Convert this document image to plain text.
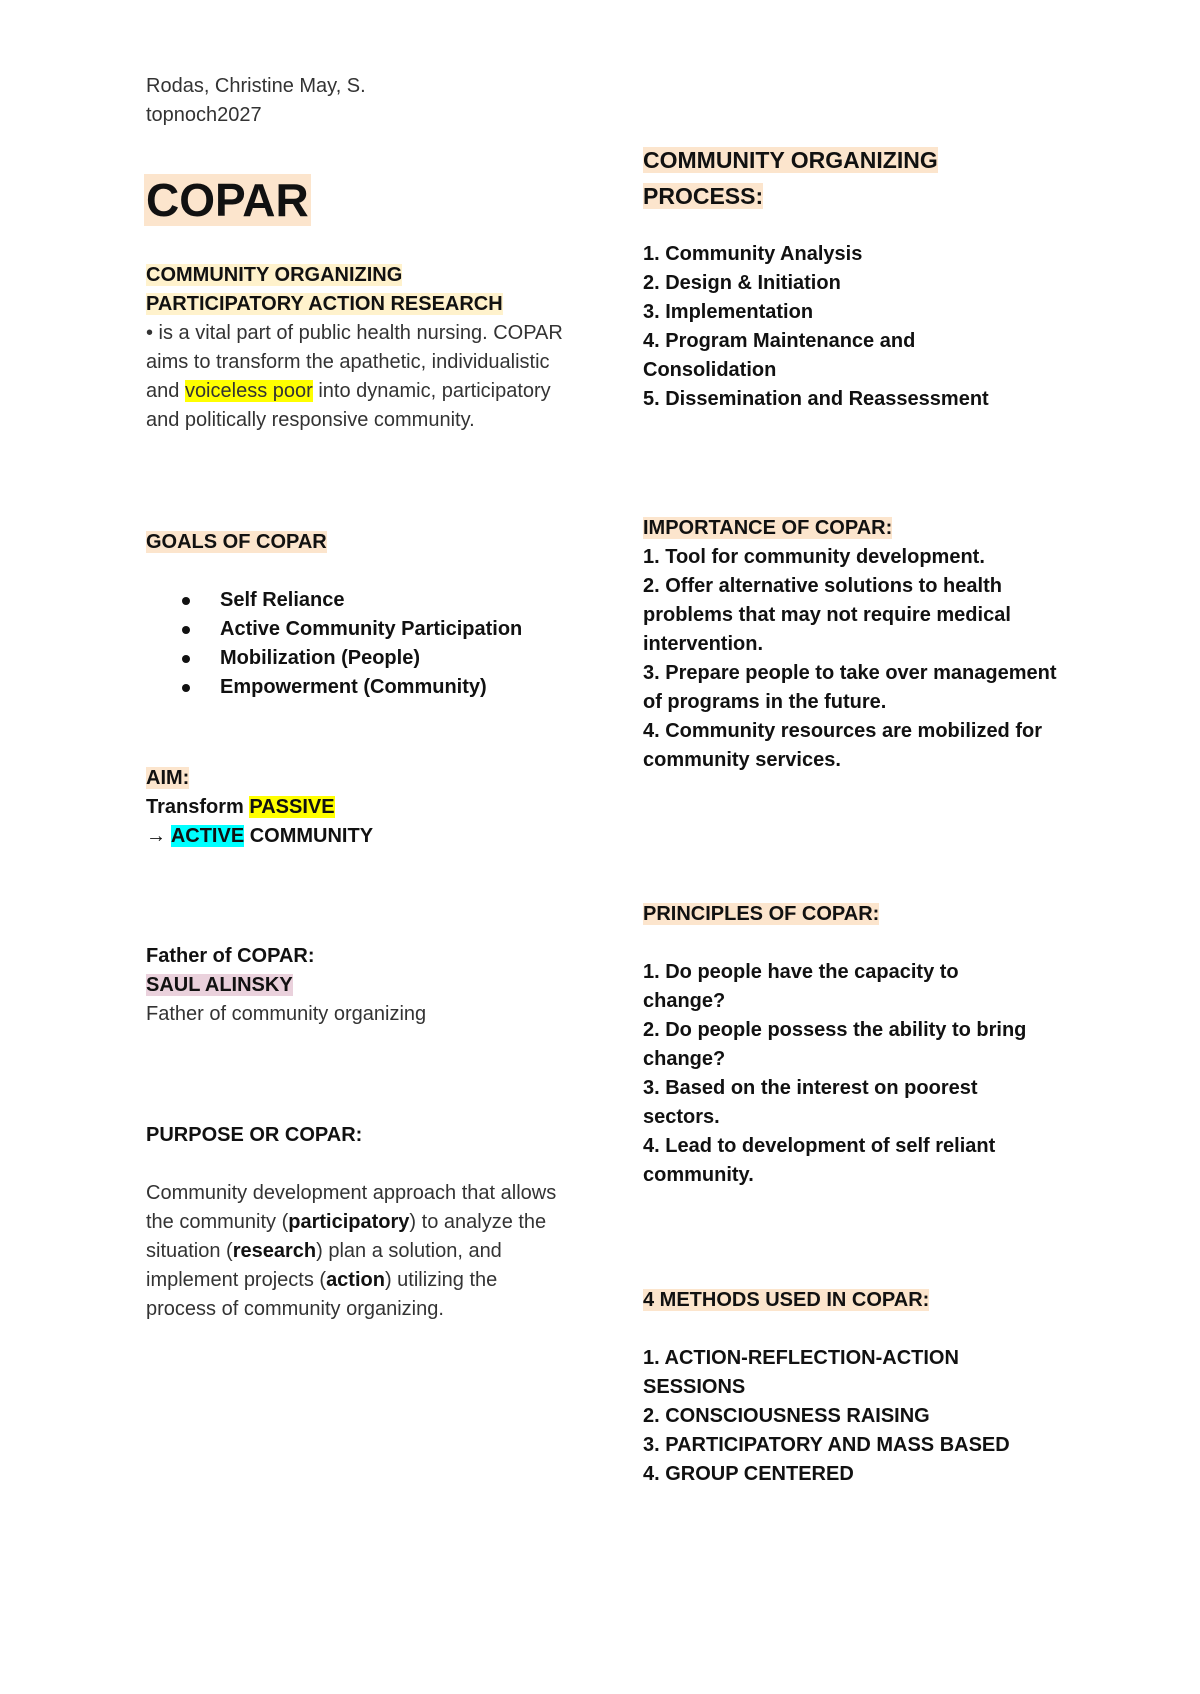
Rodas, Christine May, S.
topnoch2027
COPAR
COMMUNITY ORGANIZING
PARTICIPATORY ACTION RESEARCH

• is a vital part of public health nursing. COPAR aims to transform the apathetic, individualistic and voiceless poor into dynamic, participatory and politically responsive community.

GOALS OF COPAR
Self Reliance
Active Community Participation
Mobilization (People)
Empowerment (Community)
AIM:
Transform PASSIVE
→ ACTIVE COMMUNITY
Father of COPAR:
SAUL ALINSKY
Father of community organizing
PURPOSE OR COPAR:

Community development approach that allows the community (participatory) to analyze the situation (research) plan a solution, and implement projects (action) utilizing the process of community organizing.

COMMUNITY ORGANIZING
PROCESS:
1. Community Analysis
2. Design & Initiation
3. Implementation
4. Program Maintenance and Consolidation
5. Dissemination and Reassessment
IMPORTANCE OF COPAR:
1. Tool for community development.
2. Offer alternative solutions to health problems that may not require medical intervention.
3. Prepare people to take over management of programs in the future.
4. Community resources are mobilized for community services.
PRINCIPLES OF COPAR:
1. Do people have the capacity to change?
2. Do people possess the ability to bring change?
3. Based on the interest on poorest sectors.
4. Lead to development of self reliant community.
4 METHODS USED IN COPAR:
1. ACTION-REFLECTION-ACTION SESSIONS
2. CONSCIOUSNESS RAISING
3. PARTICIPATORY AND MASS BASED
4. GROUP CENTERED
